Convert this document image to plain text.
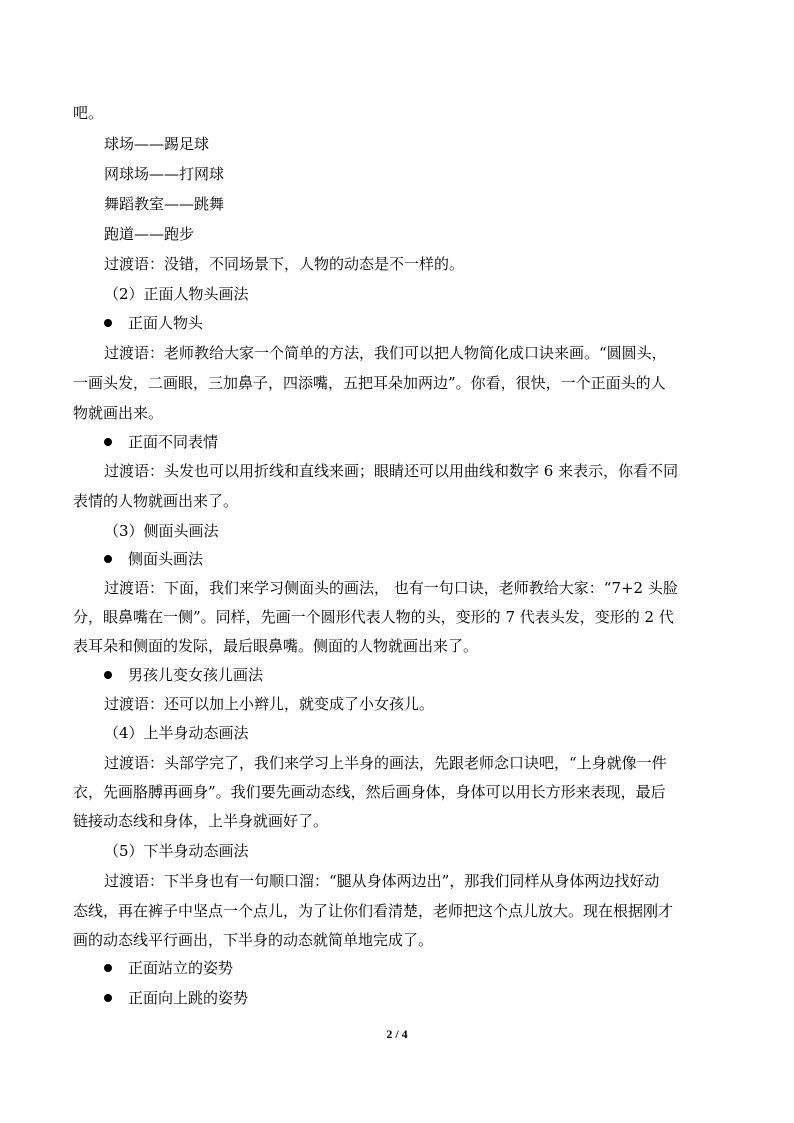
吧。
球场——踢足球
网球场——打网球
舞蹈教室——跳舞
跑道——跑步
过渡语：没错，不同场景下，人物的动态是不一样的。
（2）正面人物头画法
正面人物头
过渡语：老师教给大家一个简单的方法，我们可以把人物简化成口诀来画。“圆圆头，
一画头发，二画眼，三加鼻子，四添嘴，五把耳朵加两边”。你看，很快，一个正面头的人
物就画出来。
正面不同表情
过渡语：头发也可以用折线和直线来画；眼睛还可以用曲线和数字 6 来表示，你看不同
表情的人物就画出来了。
（3）侧面头画法
侧面头画法
过渡语：下面，我们来学习侧面头的画法， 也有一句口诀，老师教给大家：“7+2 头脸
分，眼鼻嘴在一侧”。同样，先画一个圆形代表人物的头，变形的 7 代表头发，变形的 2 代
表耳朵和侧面的发际，最后眼鼻嘴。侧面的人物就画出来了。
男孩儿变女孩儿画法
过渡语：还可以加上小辫儿，就变成了小女孩儿。
（4）上半身动态画法
过渡语：头部学完了，我们来学习上半身的画法，先跟老师念口诀吧，“上身就像一件
衣，先画胳膊再画身”。我们要先画动态线，然后画身体，身体可以用长方形来表现，最后
链接动态线和身体，上半身就画好了。
（5）下半身动态画法
过渡语：下半身也有一句顺口溜：“腿从身体两边出”，那我们同样从身体两边找好动
态线，再在裤子中坚点一个点儿，为了让你们看清楚，老师把这个点儿放大。现在根据刚才
画的动态线平行画出，下半身的动态就简单地完成了。
正面站立的姿势
正面向上跳的姿势
2 / 4
